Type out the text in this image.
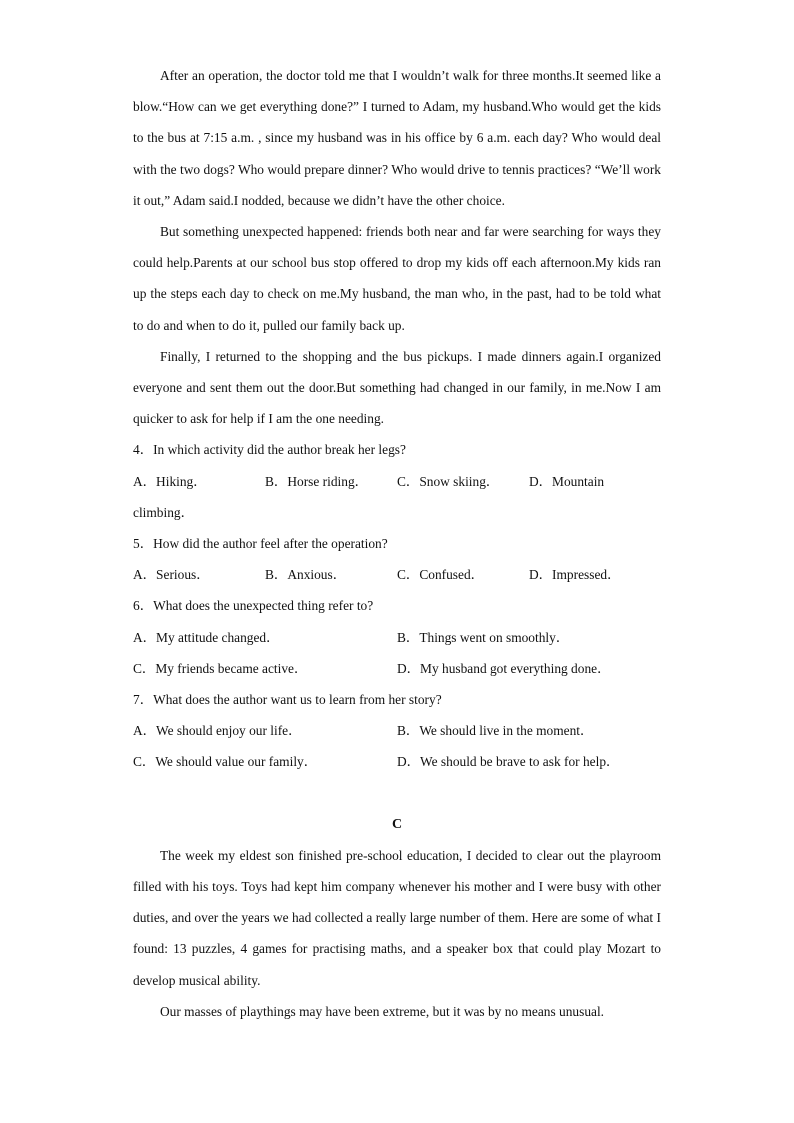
After an operation, the doctor told me that I wouldn’t walk for three months.It seemed like a blow.“How can we get everything done?” I turned to Adam, my husband.Who would get the kids to the bus at 7:15 a.m. , since my husband was in his office by 6 a.m. each day? Who would deal with the two dogs? Who would prepare dinner? Who would drive to tennis practices? “We’ll work it out,” Adam said.I nodded, because we didn’t have the other choice.

But something unexpected happened: friends both near and far were searching for ways they could help.Parents at our school bus stop offered to drop my kids off each afternoon.My kids ran up the steps each day to check on me.My husband, the man who, in the past, had to be told what to do and when to do it, pulled our family back up.

Finally, I returned to the shopping and the bus pickups. I made dinners again.I organized everyone and sent them out the door.But something had changed in our family, in me.Now I am quicker to ask for help if I am the one needing.

4．In which activity did the author break her legs?

A．Hiking．	B．Horse riding．	C．Snow skiing．	D．Mountain

climbing．

5．How did the author feel after the operation?

A．Serious．	B．Anxious．	C．Confused．	D．Impressed．

6．What does the unexpected thing refer to?

A．My attitude changed．	B．Things went on smoothly．
C．My friends became active．	D．My husband got everything done．

7．What does the author want us to learn from her story?

A．We should enjoy our life．	B．We should live in the moment．
C．We should value our family．	D．We should be brave to ask for help．

C

The week my eldest son finished pre-school education, I decided to clear out the playroom filled with his toys. Toys had kept him company whenever his mother and I were busy with other duties, and over the years we had collected a really large number of them. Here are some of what I found: 13 puzzles, 4 games for practising maths, and a speaker box that could play Mozart to develop musical ability.

Our masses of playthings may have been extreme, but it was by no means unusual.
